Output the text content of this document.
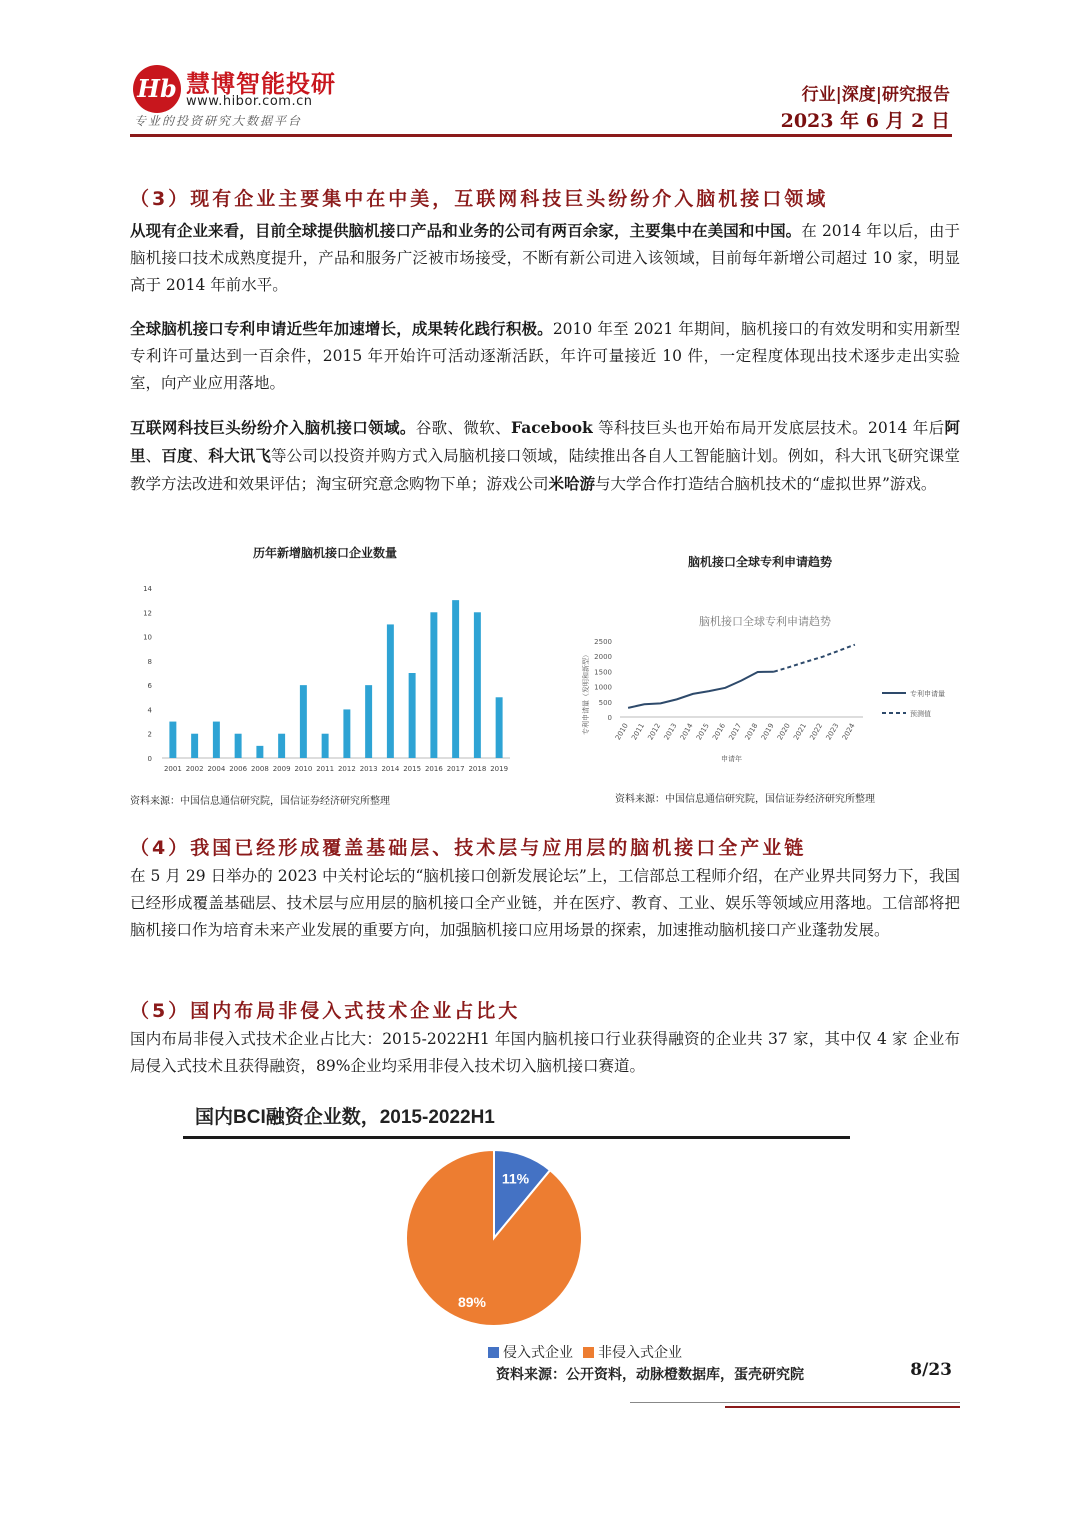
Hb 慧博智能投研
www.hibor.com.cn
专业的投资研究大数据平台
行业|深度|研究报告
2023 年 6 月 2 日
（3）现有企业主要集中在中美，互联网科技巨头纷纷介入脑机接口领域
从现有企业来看，目前全球提供脑机接口产品和业务的公司有两百余家，主要集中在美国和中国。在 2014 年以后，由于脑机接口技术成熟度提升，产品和服务广泛被市场接受，不断有新公司进入该领域，目前每年新增公司超过 10 家，明显高于 2014 年前水平。
全球脑机接口专利申请近些年加速增长，成果转化践行积极。2010 年至 2021 年期间，脑机接口的有效发明和实用新型专利许可量达到一百余件，2015 年开始许可活动逐渐活跃，年许可量接近 10 件，一定程度体现出技术逐步走出实验室，向产业应用落地。
互联网科技巨头纷纷介入脑机接口领域。谷歌、微软、Facebook 等科技巨头也开始布局开发底层技术。2014 年后阿里、百度、科大讯飞等公司以投资并购方式入局脑机接口领域，陆续推出各自人工智能脑计划。例如，科大讯飞研究课堂教学方法改进和效果评估；淘宝研究意念购物下单；游戏公司米哈游与大学合作打造结合脑机技术的“虚拟世界”游戏。
历年新增脑机接口企业数量
0
2
4
6
8
10
12
14
2001 2002 2004 2006 2008 2009 2010 2011 2012 2013 2014 2015 2016 2017 2018 2019
资料来源：中国信息通信研究院，国信证券经济研究所整理
脑机接口全球专利申请趋势
脑机接口全球专利申请趋势
0
500
1000
1500
2000
2500
2010 2011 2012 2013 2014 2015 2016 2017 2018 2019 2020 2021 2022 2023 2024
申请年
专利申请量（发明和新型）	专利申请量
预测值
资料来源：中国信息通信研究院，国信证券经济研究所整理
（4）我国已经形成覆盖基础层、技术层与应用层的脑机接口全产业链
在 5 月 29 日举办的 2023 中关村论坛的“脑机接口创新发展论坛”上，工信部总工程师介绍，在产业界共同努力下，我国已经形成覆盖基础层、技术层与应用层的脑机接口全产业链，并在医疗、教育、工业、娱乐等领域应用落地。工信部将把脑机接口作为培育未来产业发展的重要方向，加强脑机接口应用场景的探索，加速推动脑机接口产业蓬勃发展。
（5）国内布局非侵入式技术企业占比大
国内布局非侵入式技术企业占比大：2015-2022H1 年国内脑机接口行业获得融资的企业共 37 家，其中仅 4 家 企业布局侵入式技术且获得融资，89%企业均采用非侵入技术切入脑机接口赛道。
国内BCI融资企业数，2015-2022H1
11%
89%
侵入式企业 非侵入式企业
资料来源：公开资料，动脉橙数据库，蛋壳研究院	8/23
